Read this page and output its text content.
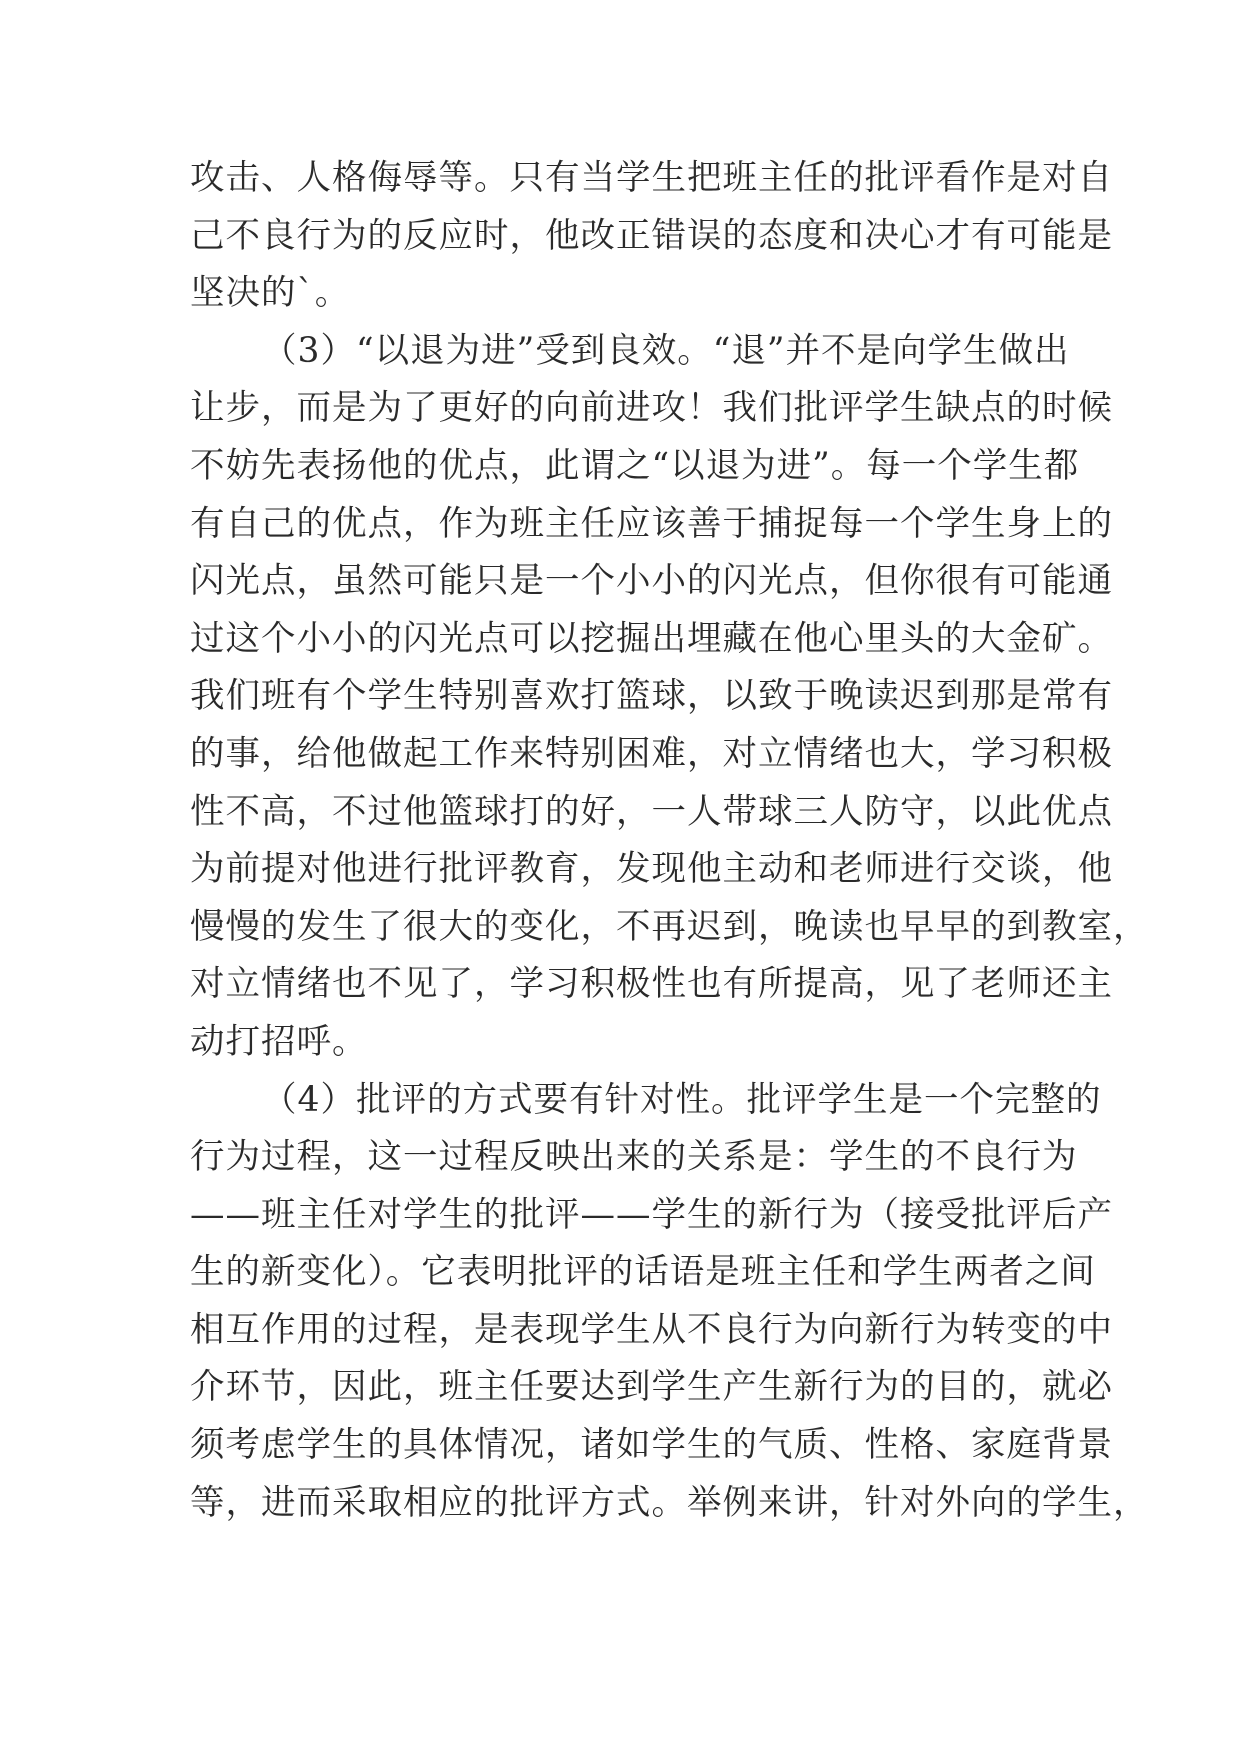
攻击、人格侮辱等。只有当学生把班主任的批评看作是对自
己不良行为的反应时，他改正错误的态度和决心才有可能是
坚决的`。
（3）“以退为进”受到良效。“退”并不是向学生做出
让步，而是为了更好的向前进攻！我们批评学生缺点的时候
不妨先表扬他的优点，此谓之“以退为进”。每一个学生都
有自己的优点，作为班主任应该善于捕捉每一个学生身上的
闪光点，虽然可能只是一个小小的闪光点，但你很有可能通
过这个小小的闪光点可以挖掘出埋藏在他心里头的大金矿。
我们班有个学生特别喜欢打篮球，以致于晚读迟到那是常有
的事，给他做起工作来特别困难，对立情绪也大，学习积极
性不高，不过他篮球打的好，一人带球三人防守，以此优点
为前提对他进行批评教育，发现他主动和老师进行交谈，他
慢慢的发生了很大的变化，不再迟到，晚读也早早的到教室，
对立情绪也不见了，学习积极性也有所提高，见了老师还主
动打招呼。
（4）批评的方式要有针对性。批评学生是一个完整的
行为过程，这一过程反映出来的关系是：学生的不良行为
——班主任对学生的批评——学生的新行为（接受批评后产
生的新变化）。它表明批评的话语是班主任和学生两者之间
相互作用的过程，是表现学生从不良行为向新行为转变的中
介环节，因此，班主任要达到学生产生新行为的目的，就必
须考虑学生的具体情况，诸如学生的气质、性格、家庭背景
等，进而采取相应的批评方式。举例来讲，针对外向的学生，
